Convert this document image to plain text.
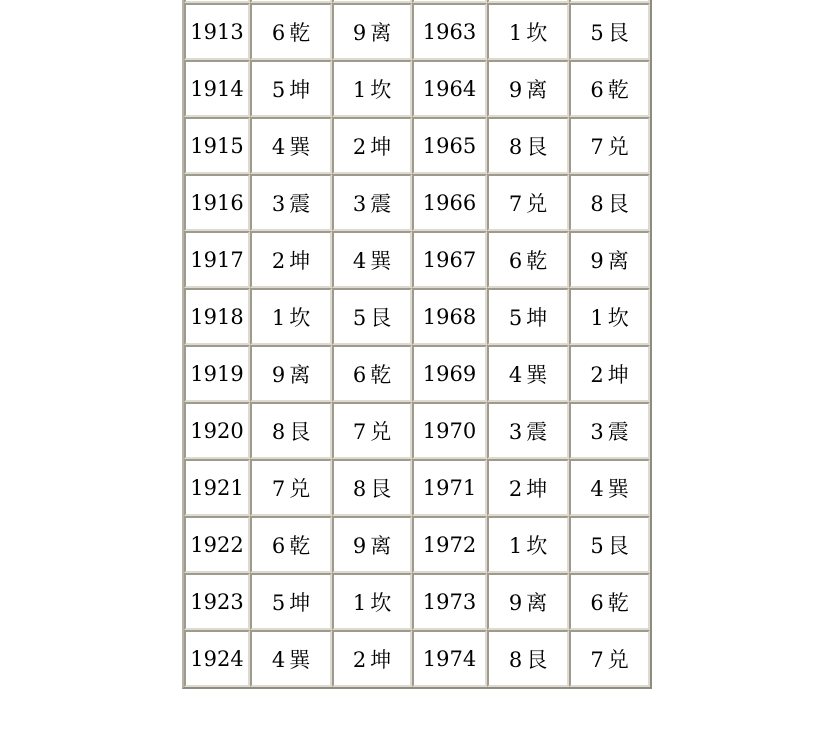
1913	6 乾	9 离	1963	1 坎	5 艮
1914	5 坤	1 坎	1964	9 离	6 乾
1915	4 巽	2 坤	1965	8 艮	7 兑
1916	3 震	3 震	1966	7 兑	8 艮
1917	2 坤	4 巽	1967	6 乾	9 离
1918	1 坎	5 艮	1968	5 坤	1 坎
1919	9 离	6 乾	1969	4 巽	2 坤
1920	8 艮	7 兑	1970	3 震	3 震
1921	7 兑	8 艮	1971	2 坤	4 巽
1922	6 乾	9 离	1972	1 坎	5 艮
1923	5 坤	1 坎	1973	9 离	6 乾
1924	4 巽	2 坤	1974	8 艮	7 兑
